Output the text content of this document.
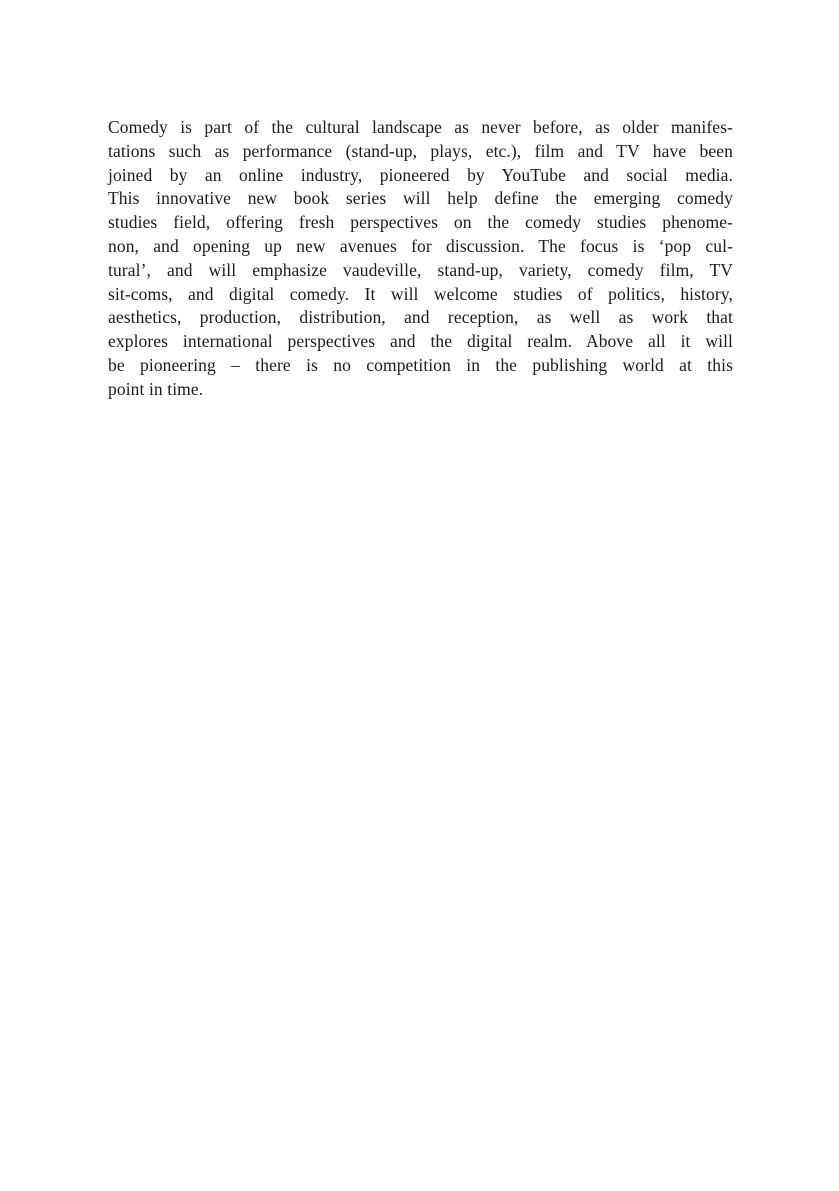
Comedy is part of the cultural landscape as never before, as older manifes-
tations such as performance (stand-up, plays, etc.), film and TV have been
joined by an online industry, pioneered by YouTube and social media.
This innovative new book series will help define the emerging comedy
studies field, offering fresh perspectives on the comedy studies phenome-
non, and opening up new avenues for discussion. The focus is ‘pop cul-
tural’, and will emphasize vaudeville, stand-up, variety, comedy film, TV
sit-coms, and digital comedy. It will welcome studies of politics, history,
aesthetics, production, distribution, and reception, as well as work that
explores international perspectives and the digital realm. Above all it will
be pioneering – there is no competition in the publishing world at this
point in time.
